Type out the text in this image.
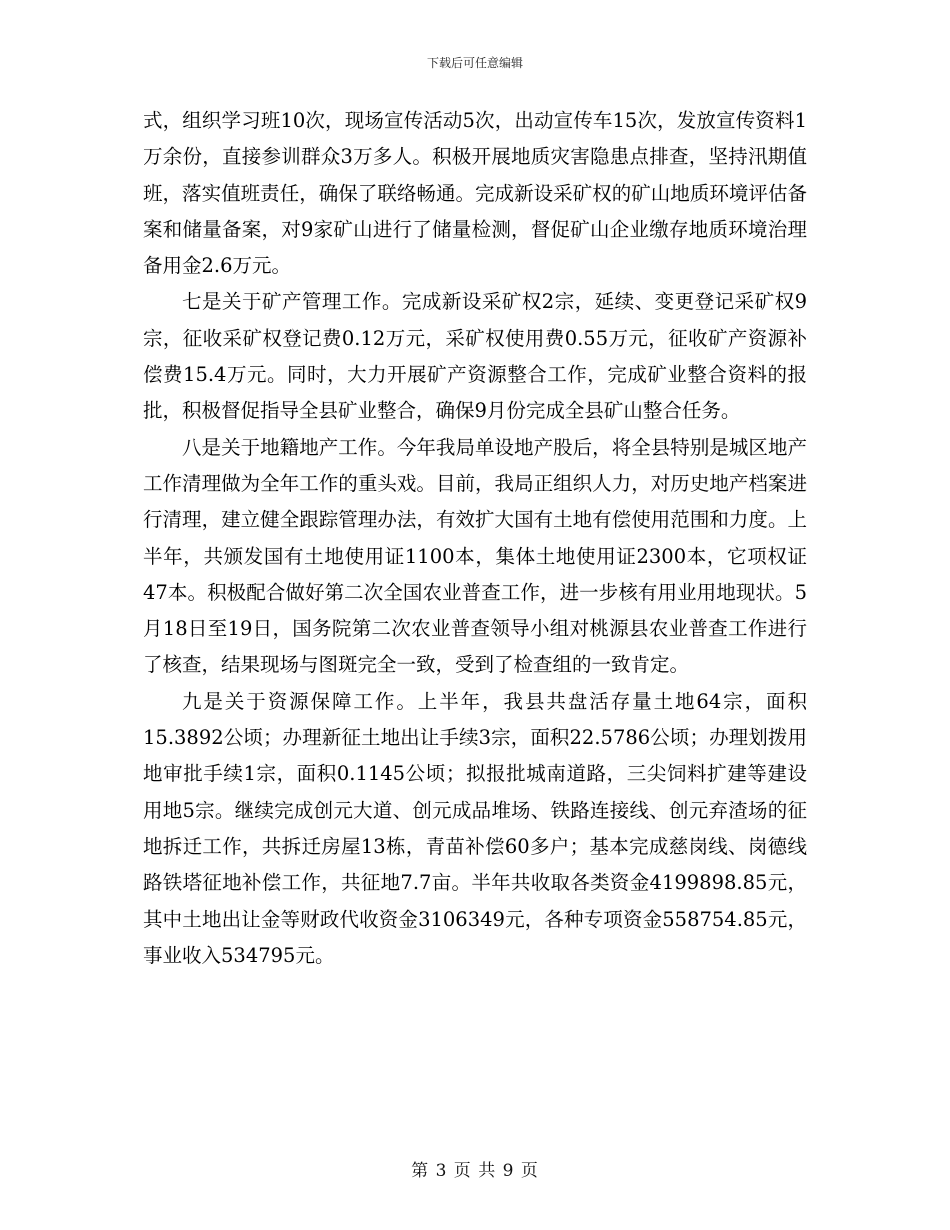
下载后可任意编辑

式，组织学习班10次，现场宣传活动5次，出动宣传车15次，发放宣传资料1万余份，直接参训群众3万多人。积极开展地质灾害隐患点排查，坚持汛期值班，落实值班责任，确保了联络畅通。完成新设采矿权的矿山地质环境评估备案和储量备案，对9家矿山进行了储量检测，督促矿山企业缴存地质环境治理备用金2.6万元。

七是关于矿产管理工作。完成新设采矿权2宗，延续、变更登记采矿权9宗，征收采矿权登记费0.12万元，采矿权使用费0.55万元，征收矿产资源补偿费15.4万元。同时，大力开展矿产资源整合工作，完成矿业整合资料的报批，积极督促指导全县矿业整合，确保9月份完成全县矿山整合任务。

八是关于地籍地产工作。今年我局单设地产股后，将全县特别是城区地产工作清理做为全年工作的重头戏。目前，我局正组织人力，对历史地产档案进行清理，建立健全跟踪管理办法，有效扩大国有土地有偿使用范围和力度。上半年，共颁发国有土地使用证1100本，集体土地使用证2300本，它项权证47本。积极配合做好第二次全国农业普查工作，进一步核有用业用地现状。5月18日至19日，国务院第二次农业普查领导小组对桃源县农业普查工作进行了核查，结果现场与图斑完全一致，受到了检查组的一致肯定。

九是关于资源保障工作。上半年，我县共盘活存量土地64宗，面积15.3892公顷；办理新征土地出让手续3宗，面积22.5786公顷；办理划拨用地审批手续1宗，面积0.1145公顷；拟报批城南道路，三尖饲料扩建等建设用地5宗。继续完成创元大道、创元成品堆场、铁路连接线、创元弃渣场的征地拆迁工作，共拆迁房屋13栋，青苗补偿60多户；基本完成慈岗线、岗德线路铁塔征地补偿工作，共征地7.7亩。半年共收取各类资金4199898.85元，其中土地出让金等财政代收资金3106349元，各种专项资金558754.85元，事业收入534795元。

第 3 页 共 9 页
